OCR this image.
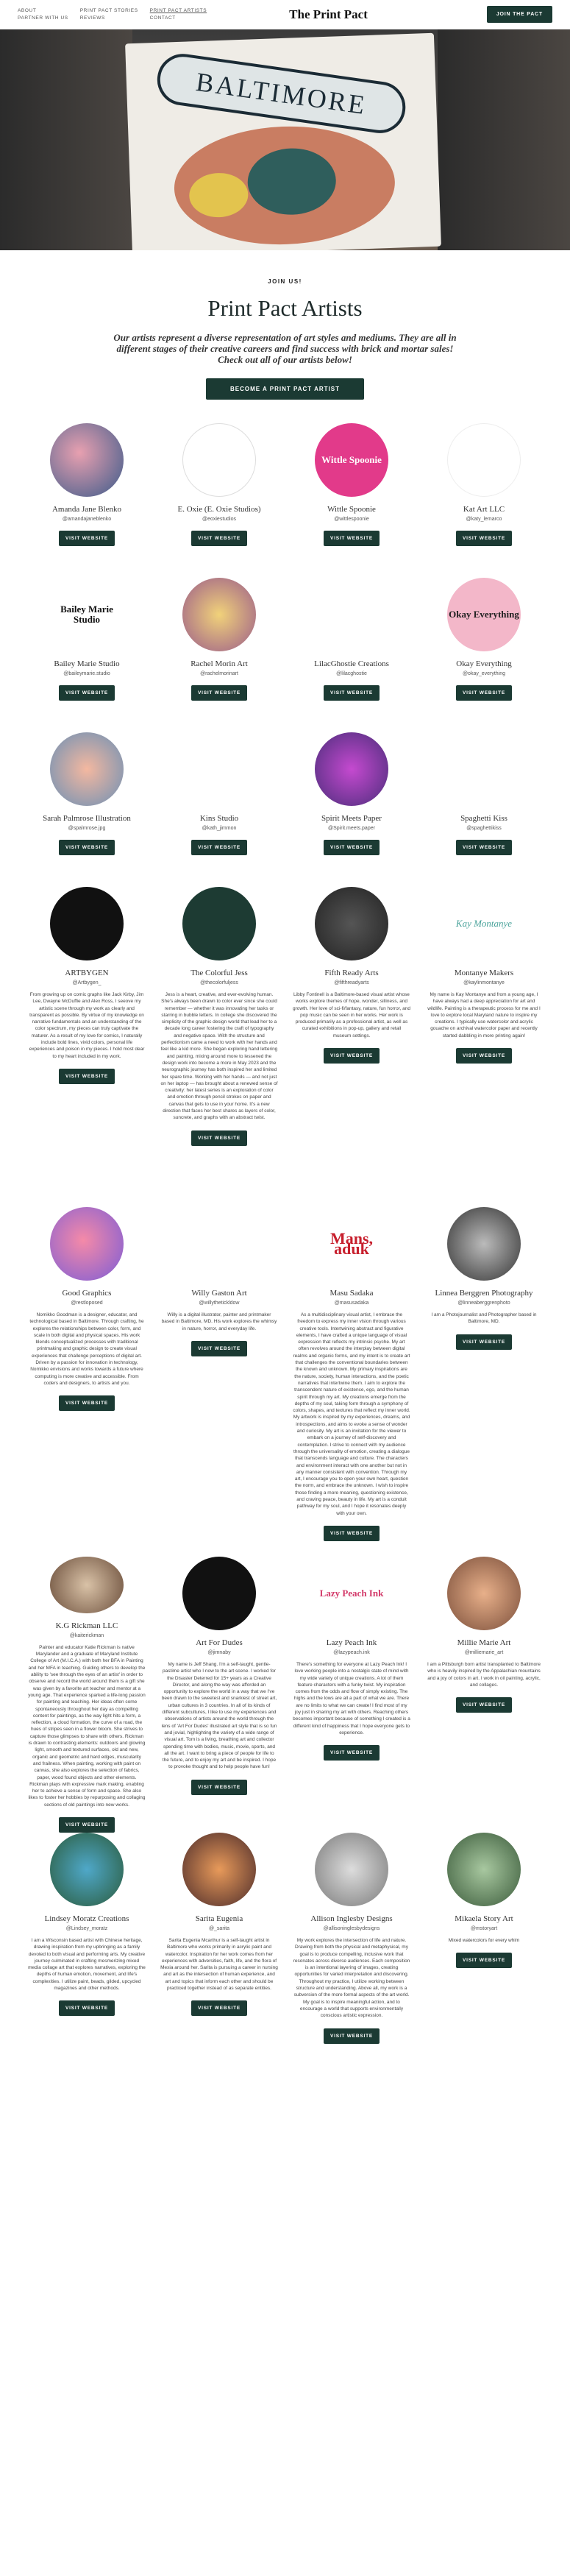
ABOUT	PRINT PACT STORIES PRINT PACT ARTISTS
PARTNER WITH US REVIEWS	CONTACT	The Print Pact	JOIN THE PACT
BALTIMORE
JOIN US!
Print Pact Artists

Our artists represent a diverse representation of art styles and mediums. They are all in different stages of their creative careers and find success with brick and mortar sales! Check out all of our artists below!

BECOME A PRINT PACT ARTIST
Amanda Jane Blenko
@amandajaneblenko
VISIT WEBSITE
E. Oxie (E. Oxie Studios)
@eoxiestudios
VISIT WEBSITE
Wittle Spoonie
Wittle Spoonie
@wittlespoonie
VISIT WEBSITE
Kat Art LLC
@katy_lemarco
VISIT WEBSITE
Bailey Marie Studio
Bailey Marie Studio
@baileymarie.studio
VISIT WEBSITE
Rachel Morin Art
@rachelmorinart
VISIT WEBSITE
LilacGhostie Creations
@lilacghostie
VISIT WEBSITE
Okay Everything
Okay Everything
@okay_everything
VISIT WEBSITE
Sarah Palmrose Illustration
@spalmrose.jpg
VISIT WEBSITE
Kins Studio
@kath_jimmon
VISIT WEBSITE
Spirit Meets Paper
@Spirit.meets.paper
VISIT WEBSITE
Spaghetti Kiss
@spaghettikiss
VISIT WEBSITE
ARTBYGEN
@Artbygen_
From growing up on comic graphs like Jack Kirby, Jim Lee, Dwayne McDuffie and Alex Ross, I seeove my artistic scene through my work as clearly and transparent as possible. By virtue of my knowledge on narrative fundamentals and an understanding of the color spectrum, my pieces can truly captivate the maturer. As a result of my love for comics, I naturally include bold lines, vivid colors, personal life experiences and poison in my pieces. I hold most dear to my heart included in my work.
VISIT WEBSITE
The Colorful Jess
@thecolorfuljess
Jess is a heart, creative, and ever-evolving human. She's always been drawn to color ever since she could remember — whether it was innovating her tasks or starring in bubble letters. In college she discovered the simplicity of the graphic design world that lead her to a decade long career fostering the craft of typography and negative space. With the structure and perfectionism came a need to work with her hands and feel like a kid more. She began exploring hand lettering and painting, mixing around more to lessened the design work into become a more in May 2023 and the neurographic journey has both inspired her and limited her spare time. Working with her hands — and not just on her laptop — has brought about a renewed sense of creativity: her latest series is an exploration of color and emotion through pencil strokes on paper and canvas that gets to use in your home. It's a new direction that faces her best shares as layers of color, suncrete, and graphs with an abstract twist.
VISIT WEBSITE
Fifth Ready Arts
@fifthreadyarts
Libby Fontinell is a Baltimore-based visual artist whose works explore themes of hope, wonder, silliness, and growth. Her love of sci-fi/fantasy, nature, fun horror, and pop music can be seen in her works. Her work is produced primarily as a professional artist, as well as curated exhibitions in pop-up, gallery and retail museum settings.
VISIT WEBSITE
Kay Montanye
Montanye Makers
@kaylinmontanye
My name is Kay Montanye and from a young age, I have always had a deep appreciation for art and wildlife. Painting is a therapeutic process for me and I love to explore local Maryland nature to inspire my creations. I typically use watercolor and acrylic gouache on archival watercolor paper and recently started dabbling in more printing again!
VISIT WEBSITE
Good Graphics
@restloposed
Nomikko Goodman is a designer, educator, and technological based in Baltimore. Through crafting, he explores the relationships between color, form, and scale in both digital and physical spaces. His work blends conceptualized processes with traditional printmaking and graphic design to create visual experiences that challenge perceptions of digital art. Driven by a passion for innovation in technology, Nomikko envisions and works towards a future where computing is more creative and accessible. From coders and designers, to artists and you.
VISIT WEBSITE
Willy Gaston Art
@willythetickldow
Willy is a digital illustrator, painter and printmaker based in Baltimore, MD. His work explores the whimsy in nature, horror, and everyday life.
VISIT WEBSITE
Mans, aduk
Masu Sadaka
@masusadaka
As a multidisciplinary visual artist, I embrace the freedom to express my inner vision through various creative tools. Intertwining abstract and figurative elements, I have crafted a unique language of visual expression that reflects my intrinsic psyche. My art often revolves around the interplay between digital realms and organic forms, and my intent is to create art that challenges the conventional boundaries between the known and unknown. My primary inspirations are the nature, society, human interactions, and the poetic narratives that intertwine them. I aim to explore the transcendent nature of existence, ego, and the human spirit through my art. My creations emerge from the depths of my soul, taking form through a symphony of colors, shapes, and textures that reflect my inner world. My artwork is inspired by my experiences, dreams, and introspections, and aims to evoke a sense of wonder and curiosity. My art is an invitation for the viewer to embark on a journey of self-discovery and contemplation. I strive to connect with my audience through the universality of emotion, creating a dialogue that transcends language and culture. The characters and environment interact with one another but not in any manner consistent with convention. Through my art, I encourage you to open your own heart, question the norm, and embrace the unknown. I wish to inspire those finding a more meaning, questioning existence, and craving peace, beauty in life. My art is a conduit pathway for my soul, and I hope it resonates deeply with your own.
VISIT WEBSITE
Linnea Berggren Photography
@linneaberggrenphoto
I am a Photojournalist and Photographer based in Baltimore, MD.
VISIT WEBSITE
K.G Rickman LLC
@kaiterickman
Painter and educator Katie Rickman is native Marylander and a graduate of Maryland Institute College of Art (M.I.C.A.) with both her BFA in Painting and her MFA in teaching. Guiding others to develop the ability to 'see through the eyes of an artist' in order to observe and record the world around them is a gift she was given by a favorite art teacher and mentor at a young age. That experience sparked a life-long passion for painting and teaching. Her ideas often come spontaneously throughout her day as compelling content for paintings, as the way light hits a form, a reflection, a cloud formation, the curve of a road, the hues of stripes seen in a flower bloom. She strives to capture those glimpses to share with others. Rickman is drawn to contrasting elements: outdoors and glowing light, smooth and textured surfaces, old and new, organic and geometric and hard edges, muscularity and frailness. When painting, working with paint on canvas, she also explores the selection of fabrics, paper, wood found objects and other elements. Rickman plays with expressive mark making, enabling her to achieve a sense of form and space. She also likes to foster her hobbies by repurposing and collaging sections of old paintings into new works.
VISIT WEBSITE
Art For Dudes
@jimnaby
My name is Jeff Shang. I'm a self-taught, gentle-pastime artist who I now to the art scene. I worked for the Disaster Deterred for 15+ years as a Creative Director, and along the way was afforded an opportunity to explore the world in a way that we I've been drawn to the sweetest and snarkiest of street art, urban cultures in 3 countries. In all of its kinds of different subcultures, I like to use my experiences and observations of artists around the world through the lens of 'Art For Dudes' illustrated art style that is so fun and jovial, highlighting the variety of a wide range of visual art. Tom is a living, breathing art and collector spending time with bodies, music, movie, sports, and all the art. I want to bring a piece of people for life to the future, and to enjoy my art and be inspired. I hope to provoke thought and to help people have fun!
VISIT WEBSITE
Lazy Peach Ink
Lazy Peach Ink
@lazypeach.ink
There's something for everyone at Lazy Peach Ink! I love working people into a nostalgic state of mind with my wide variety of unique creations. A lot of them feature characters with a funky twist. My inspiration comes from the odds and flow of simply existing. The highs and the lows are all a part of what we are. There are no limits to what we can create! I find most of my joy just in sharing my art with others. Reaching others becomes important because of something I created is a different kind of happiness that I hope everyone gets to experience.
VISIT WEBSITE
Millie Marie Art
@milliemarie_art
I am a Pittsburgh born artist transplanted to Baltimore who is heavily inspired by the Appalachian mountains and a joy of colors in art. I work in oil painting, acrylic, and collages.
VISIT WEBSITE
Lindsey Moratz Creations
@Lindsey_moratz
I am a Wisconsin based artist with Chinese heritage, drawing inspiration from my upbringing as a family devoted to both visual and performing arts. My creative journey culminated in crafting mesmerizing mixed media collage art that explores narratives, exploring the depths of human emotion, movement, and life's complexities. I utilize paint, beads, gilded, upcycled magazines and other methods.
VISIT WEBSITE
Sarita Eugenia
@_sarita
Sarita Eugenia Mcarthur is a self-taught artist in Baltimore who works primarily in acrylic paint and watercolor. Inspiration for her work comes from her experiences with adversities, faith, life, and the flora of Mexia around her. Sarita is pursuing a career in nursing and art as the intersection of human experience, and art and topics that inform each other and should be practiced together instead of as separate entities.
VISIT WEBSITE
Allison Inglesby Designs
@allisoninglesbydesigns
My work explores the intersection of life and nature. Drawing from both the physical and metaphysical, my goal is to produce compelling, inclusive work that resonates across diverse audiences. Each composition is an intentional layering of images, creating opportunities for varied interpretation and discovering. Throughout my practice, I utilize working between structure and understanding. Above all, my work is a subversion of the more formal aspects of the art world. My goal is to inspire meaningful action, and to encourage a world that supports environmentally conscious artistic expression.
VISIT WEBSITE
Mikaela Story Art
@mstoryart
Mixed watercolors for every whim
VISIT WEBSITE
